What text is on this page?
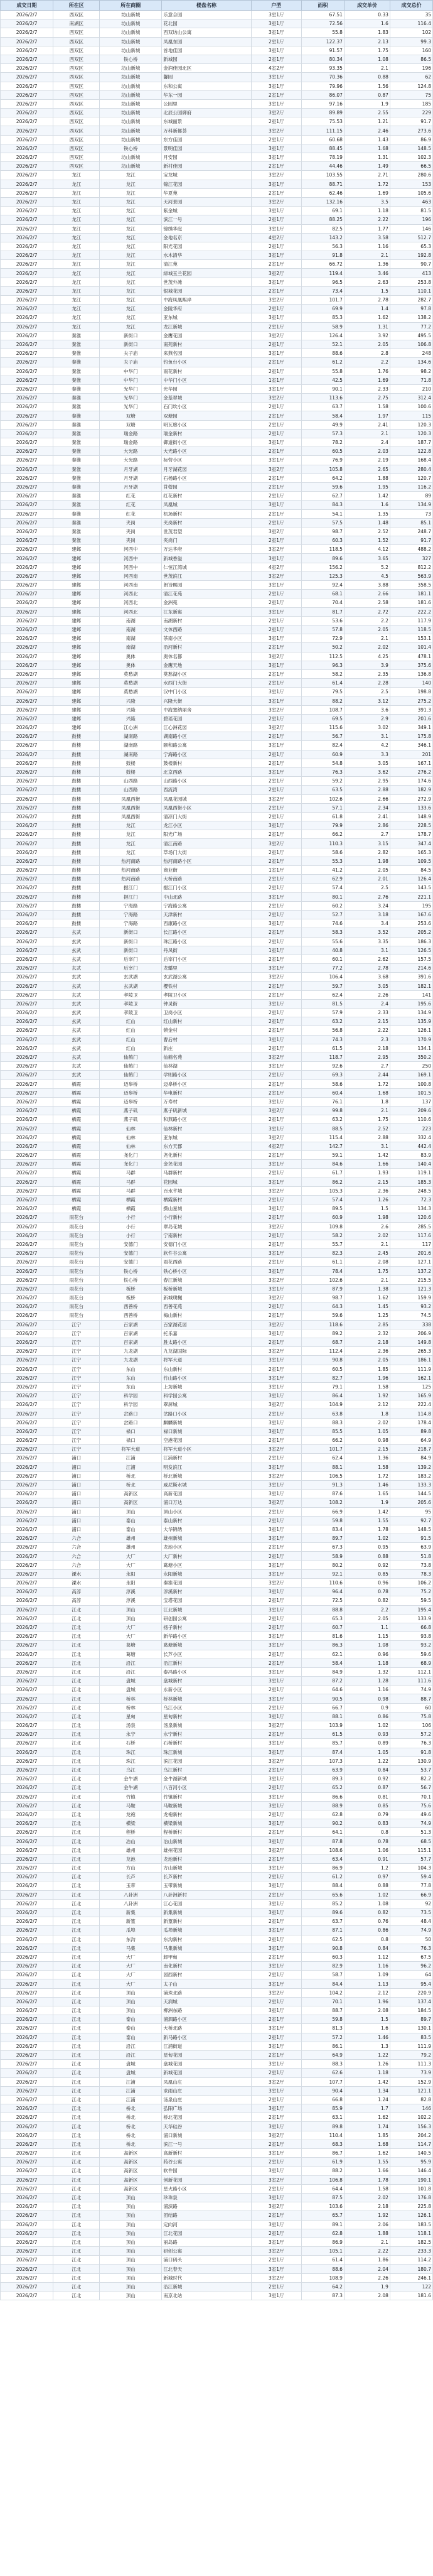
成交日期	所在区	所在商圈	楼盘名称	户型	面积	成交单价	成交总价
2026/2/7	西双区	坊山新城	乐意合园	3室1厅	67.51	0.33	35
2026/2/7	南湖区	坊山新城	花北园	3室1厅	72.56	1.6	116.4
2026/2/7	西双区	坊山新城	西双坊山公寓	3室1厅	55.8	1.83	102
2026/2/7	西双区	坊山新城	凤凰东园	2室1厅	122.37	2.13	99.3
2026/2/7	西双区	坊山新城	首地佳园	3室1厅	91.57	1.75	160
2026/2/7	西双区	铁心桥	新城园	2室1厅	80.34	1.08	86.5
2026/2/7	西双区	坊山新城	金润佳园北区	4室2厅	93.35	2.1	196
2026/2/7	西双区	坊山新城	馨园	3室1厅	70.36	0.88	62
2026/2/7	西双区	坊山新城	东和公寓	3室1厅	79.96	1.56	124.8
2026/2/7	西双区	坊山新城	华东一园	2室1厅	86.07	0.87	75
2026/2/7	西双区	坊山新城	公园里	3室1厅	97.16	1.9	185
2026/2/7	西双区	坊山新城	北辰公园御府	3室2厅	89.89	2.55	229
2026/2/7	西双区	坊山新城	东城丽景	2室1厅	75.53	1.21	91.7
2026/2/7	西双区	坊山新城	万科新都荟	3室2厅	111.15	2.46	273.6
2026/2/7	西双区	坊山新城	东方佳园	2室1厅	60.68	1.43	86.9
2026/2/7	西双区	铁心桥	景明佳园	3室1厅	88.45	1.68	148.5
2026/2/7	西双区	坊山新城	月安园	3室1厅	78.19	1.31	102.3
2026/2/7	西双区	坊山新城	新村佳园	2室1厅	44.46	1.49	66.5
2026/2/7	龙江	龙江	宝龙城	3室2厅	103.55	2.71	280.6
2026/2/7	龙江	龙江	锦江花园	3室1厅	88.71	1.72	153
2026/2/7	龙江	龙江	华夏苑	2室1厅	62.46	1.69	105.6
2026/2/7	龙江	龙江	天河景园	3室2厅	132.16	3.5	463
2026/2/7	龙江	龙江	紫金城	3室1厅	69.1	1.18	81.5
2026/2/7	龙江	龙江	滨江一号	2室1厅	88.25	2.22	196
2026/2/7	龙江	龙江	锦绣华庭	3室1厅	82.5	1.77	146
2026/2/7	龙江	龙江	金地名京	4室2厅	143.2	3.58	512.7
2026/2/7	龙江	龙江	阳光花园	2室1厅	56.3	1.16	65.3
2026/2/7	龙江	龙江	水木清华	3室1厅	91.8	2.1	192.8
2026/2/7	龙江	龙江	清江苑	2室1厅	66.72	1.36	90.7
2026/2/7	龙江	龙江	绿城玉兰花园	3室2厅	119.4	3.46	413
2026/2/7	龙江	龙江	世茂外滩	3室1厅	96.5	2.63	253.8
2026/2/7	龙江	龙江	银城花园	2室1厅	73.4	1.5	110.1
2026/2/7	龙江	龙江	中海凤凰熙岸	3室2厅	101.7	2.78	282.7
2026/2/7	龙江	龙江	金陵华府	2室1厅	69.9	1.4	97.8
2026/2/7	龙江	龙江	亚东城	3室1厅	85.3	1.62	138.2
2026/2/7	龙江	龙江	龙江新城	2室1厅	58.9	1.31	77.2
2026/2/7	秦淮	新街口	金鹰花园	3室2厅	126.4	3.92	495.5
2026/2/7	秦淮	新街口	南苑新村	2室1厅	52.1	2.05	106.8
2026/2/7	秦淮	夫子庙	来燕名园	3室1厅	88.6	2.8	248
2026/2/7	秦淮	夫子庙	钓鱼台小区	2室1厅	61.2	2.2	134.6
2026/2/7	秦淮	中华门	雨花新村	2室1厅	55.8	1.76	98.2
2026/2/7	秦淮	中华门	中华门小区	1室1厅	42.5	1.69	71.8
2026/2/7	秦淮	光华门	光华园	3室1厅	90.1	2.33	210
2026/2/7	秦淮	光华门	金基翠城	3室2厅	113.6	2.75	312.4
2026/2/7	秦淮	光华门	石门坎小区	2室1厅	63.7	1.58	100.6
2026/2/7	秦淮	双塘	双塘园	2室1厅	58.4	1.97	115
2026/2/7	秦淮	双塘	明瓦廊小区	2室1厅	49.9	2.41	120.3
2026/2/7	秦淮	瑞金路	瑞金新村	2室1厅	57.3	2.1	120.3
2026/2/7	秦淮	瑞金路	御道街小区	3室1厅	78.2	2.4	187.7
2026/2/7	秦淮	大光路	大光路小区	2室1厅	60.5	2.03	122.8
2026/2/7	秦淮	大光路	标营小区	3室1厅	76.9	2.19	168.4
2026/2/7	秦淮	月牙湖	月牙湖花园	3室2厅	105.8	2.65	280.4
2026/2/7	秦淮	月牙湖	石杨路小区	2室1厅	64.2	1.88	120.7
2026/2/7	秦淮	月牙湖	苜蓿园	2室1厅	59.6	1.95	116.2
2026/2/7	秦淮	红花	红花新村	2室1厅	62.7	1.42	89
2026/2/7	秦淮	红花	凤凰城	3室1厅	84.3	1.6	134.9
2026/2/7	秦淮	红花	机场新村	2室1厅	54.1	1.35	73
2026/2/7	秦淮	夹岗	夹岗新村	2室1厅	57.5	1.48	85.1
2026/2/7	秦淮	夹岗	世茂君望	3室2厅	98.7	2.52	248.7
2026/2/7	秦淮	夹岗	夹岗门	2室1厅	60.3	1.52	91.7
2026/2/7	建邺	河西中	万达华府	3室2厅	118.5	4.12	488.2
2026/2/7	建邺	河西中	新城香溢	3室1厅	89.6	3.65	327
2026/2/7	建邺	河西中	仁恒江湾城	4室2厅	156.2	5.2	812.2
2026/2/7	建邺	河西南	世茂滨江	3室2厅	125.3	4.5	563.9
2026/2/7	建邺	河西南	朗诗熙园	3室1厅	92.4	3.88	358.5
2026/2/7	建邺	河西北	清江花苑	2室1厅	68.1	2.66	181.1
2026/2/7	建邺	河西北	金洲苑	2室1厅	70.4	2.58	181.6
2026/2/7	建邺	河西北	江东新寓	3室1厅	81.7	2.72	222.2
2026/2/7	建邺	南湖	南湖新村	2室1厅	53.6	2.2	117.9
2026/2/7	建邺	南湖	文体西路	2室1厅	57.8	2.05	118.5
2026/2/7	建邺	南湖	茶南小区	3室1厅	72.9	2.1	153.1
2026/2/7	建邺	南湖	沿河新村	2室1厅	50.2	2.02	101.4
2026/2/7	建邺	奥体	奥体名都	3室2厅	112.5	4.25	478.1
2026/2/7	建邺	奥体	金鹰天地	3室1厅	96.3	3.9	375.6
2026/2/7	建邺	莫愁湖	莫愁湖小区	2室1厅	58.2	2.35	136.8
2026/2/7	建邺	莫愁湖	水西门大街	2室1厅	61.4	2.28	140
2026/2/7	建邺	莫愁湖	汉中门小区	3室1厅	79.5	2.5	198.8
2026/2/7	建邺	兴隆	兴隆大街	3室1厅	88.2	3.12	275.2
2026/2/7	建邺	兴隆	中海塞纳丽舍	3室2厅	108.7	3.6	391.3
2026/2/7	建邺	兴隆	碧瑶花园	2室1厅	69.5	2.9	201.6
2026/2/7	建邺	江心洲	江心洲花园	3室2厅	115.6	3.02	349.1
2026/2/7	鼓楼	湖南路	湖南路小区	2室1厅	56.7	3.1	175.8
2026/2/7	鼓楼	湖南路	颐和路公寓	3室1厅	82.4	4.2	346.1
2026/2/7	鼓楼	湖南路	宁海路小区	2室1厅	60.9	3.3	201
2026/2/7	鼓楼	鼓楼	鼓楼新村	2室1厅	54.8	3.05	167.1
2026/2/7	鼓楼	鼓楼	北京西路	3室1厅	76.3	3.62	276.2
2026/2/7	鼓楼	山西路	山西路小区	2室1厅	59.2	2.95	174.6
2026/2/7	鼓楼	山西路	西流湾	2室1厅	63.5	2.88	182.9
2026/2/7	鼓楼	凤凰西街	凤凰花园城	3室2厅	102.6	2.66	272.9
2026/2/7	鼓楼	凤凰西街	凤凰西街小区	2室1厅	57.1	2.34	133.6
2026/2/7	鼓楼	凤凰西街	清凉门大街	2室1厅	61.8	2.41	148.9
2026/2/7	鼓楼	龙江	龙江小区	3室1厅	79.9	2.86	228.5
2026/2/7	鼓楼	龙江	阳光广场	2室1厅	66.2	2.7	178.7
2026/2/7	鼓楼	龙江	清江南路	3室2厅	110.3	3.15	347.4
2026/2/7	鼓楼	龙江	草场门大街	2室1厅	58.6	2.82	165.3
2026/2/7	鼓楼	热河南路	热河南路小区	2室1厅	55.3	1.98	109.5
2026/2/7	鼓楼	热河南路	商业街	1室1厅	41.2	2.05	84.5
2026/2/7	鼓楼	热河南路	大桥南路	2室1厅	62.9	2.01	126.4
2026/2/7	鼓楼	挹江门	挹江门小区	2室1厅	57.4	2.5	143.5
2026/2/7	鼓楼	挹江门	中山北路	3室1厅	80.1	2.76	221.1
2026/2/7	鼓楼	宁海路	宁海路公寓	2室1厅	60.2	3.24	195
2026/2/7	鼓楼	宁海路	天津新村	2室1厅	52.7	3.18	167.6
2026/2/7	鼓楼	宁海路	西康路小区	3室1厅	74.6	3.4	253.6
2026/2/7	玄武	新街口	长江路小区	2室1厅	58.3	3.52	205.2
2026/2/7	玄武	新街口	珠江路小区	2室1厅	55.6	3.35	186.3
2026/2/7	玄武	新街口	丹凤街	1室1厅	40.8	3.1	126.5
2026/2/7	玄武	后宰门	后宰门小区	2室1厅	60.1	2.62	157.5
2026/2/7	玄武	后宰门	龙蟠里	3室1厅	77.2	2.78	214.6
2026/2/7	玄武	玄武湖	玄武湖公寓	3室2厅	106.4	3.68	391.6
2026/2/7	玄武	玄武湖	樱铁村	2室1厅	59.7	3.05	182.1
2026/2/7	玄武	孝陵卫	孝陵卫小区	2室1厅	62.4	2.26	141
2026/2/7	玄武	孝陵卫	钟灵街	3室1厅	81.5	2.4	195.6
2026/2/7	玄武	孝陵卫	卫岗小区	2室1厅	57.9	2.33	134.9
2026/2/7	玄武	红山	红山新村	2室1厅	63.2	2.15	135.9
2026/2/7	玄武	红山	锁金村	2室1厅	56.8	2.22	126.1
2026/2/7	玄武	红山	曹后村	3室1厅	74.3	2.3	170.9
2026/2/7	玄武	红山	新庄	2室1厅	61.5	2.18	134.1
2026/2/7	玄武	仙鹤门	仙鹤名苑	3室2厅	118.7	2.95	350.2
2026/2/7	玄武	仙鹤门	仙林湖	3室1厅	92.6	2.7	250
2026/2/7	玄武	仙鹤门	学则路小区	2室1厅	69.3	2.44	169.1
2026/2/7	栖霞	迈皋桥	迈皋桥小区	2室1厅	58.6	1.72	100.8
2026/2/7	栖霞	迈皋桥	华电新村	2室1厅	60.4	1.68	101.5
2026/2/7	栖霞	迈皋桥	万寿村	3室1厅	76.1	1.8	137
2026/2/7	栖霞	燕子矶	燕子矶新城	3室2厅	99.8	2.1	209.6
2026/2/7	栖霞	燕子矶	和燕路小区	2室1厅	63.2	1.75	110.6
2026/2/7	栖霞	仙林	仙林新村	3室1厅	88.5	2.52	223
2026/2/7	栖霞	仙林	亚东城	3室2厅	115.4	2.88	332.4
2026/2/7	栖霞	仙林	东方天郡	4室2厅	142.7	3.1	442.4
2026/2/7	栖霞	尧化门	尧化新村	2室1厅	59.1	1.42	83.9
2026/2/7	栖霞	尧化门	金尧花园	3室1厅	84.6	1.66	140.4
2026/2/7	栖霞	马群	马群新村	2室1厅	61.7	1.93	119.1
2026/2/7	栖霞	马群	花园城	3室1厅	86.2	2.15	185.3
2026/2/7	栖霞	马群	百水芊城	3室2厅	105.3	2.36	248.5
2026/2/7	栖霞	栖霞	栖霞新村	2室1厅	57.4	1.26	72.3
2026/2/7	栖霞	栖霞	摄山星城	3室1厅	89.5	1.5	134.3
2026/2/7	雨花台	小行	小行新村	2室1厅	60.9	1.98	120.6
2026/2/7	雨花台	小行	翠岛花城	3室2厅	109.8	2.6	285.5
2026/2/7	雨花台	小行	宁南新村	2室1厅	58.2	2.02	117.6
2026/2/7	雨花台	安德门	安德门小区	2室1厅	55.7	2.1	117
2026/2/7	雨花台	安德门	软件谷公寓	3室1厅	82.3	2.45	201.6
2026/2/7	雨花台	安德门	雨花西路	2室1厅	61.1	2.08	127.1
2026/2/7	雨花台	铁心桥	铁心桥小区	3室1厅	78.4	1.75	137.2
2026/2/7	雨花台	铁心桥	春江新城	3室2厅	102.6	2.1	215.5
2026/2/7	雨花台	板桥	板桥新城	3室1厅	87.9	1.38	121.3
2026/2/7	雨花台	板桥	新城璞樾	3室2厅	98.7	1.62	159.9
2026/2/7	雨花台	西善桥	西善花苑	2室1厅	64.3	1.45	93.2
2026/2/7	雨花台	西善桥	梅山新村	2室1厅	59.6	1.25	74.5
2026/2/7	江宁	百家湖	百家湖花园	3室2厅	118.6	2.85	338
2026/2/7	江宁	百家湖	托乐嘉	3室1厅	89.2	2.32	206.9
2026/2/7	江宁	百家湖	胜太路小区	2室1厅	68.7	2.18	149.8
2026/2/7	江宁	九龙湖	九龙湖国际	3室2厅	112.4	2.36	265.3
2026/2/7	江宁	九龙湖	将军大道	3室1厅	90.8	2.05	186.1
2026/2/7	江宁	东山	东山新村	2室1厅	60.5	1.85	111.9
2026/2/7	江宁	东山	竹山路小区	3室1厅	82.7	1.96	162.1
2026/2/7	江宁	东山	上坊新城	3室1厅	79.1	1.58	125
2026/2/7	江宁	科学园	科学园公寓	3室1厅	86.4	1.92	165.9
2026/2/7	江宁	科学园	翠屏城	3室2厅	104.9	2.12	222.4
2026/2/7	江宁	岔路口	岔路口小区	2室1厅	63.8	1.8	114.8
2026/2/7	江宁	岔路口	麒麟新城	3室1厅	88.3	2.02	178.4
2026/2/7	江宁	禄口	禄口新城	3室1厅	85.5	1.05	89.8
2026/2/7	江宁	禄口	空港花园	2室1厅	66.2	0.98	64.9
2026/2/7	江宁	将军大道	将军大道小区	3室2厅	101.7	2.15	218.7
2026/2/7	浦口	江浦	江浦新村	2室1厅	62.4	1.36	84.9
2026/2/7	浦口	江浦	明发滨江	3室1厅	88.1	1.58	139.2
2026/2/7	浦口	桥北	桥北新城	3室2厅	106.5	1.72	183.2
2026/2/7	浦口	桥北	威尼斯水城	3室1厅	91.3	1.46	133.3
2026/2/7	浦口	高新区	高新花园	3室1厅	87.6	1.65	144.5
2026/2/7	浦口	高新区	浦口万达	3室2厅	108.2	1.9	205.6
2026/2/7	浦口	顶山	顶山小区	2室1厅	66.9	1.42	95
2026/2/7	浦口	泰山	泰山新村	2室1厅	59.8	1.55	92.7
2026/2/7	浦口	泰山	大华锦绣	3室1厅	83.4	1.78	148.5
2026/2/7	六合	雄州	雄州新城	3室1厅	89.7	1.02	91.5
2026/2/7	六合	雄州	龙池小区	2室1厅	67.3	0.95	63.9
2026/2/7	六合	大厂	大厂新村	2室1厅	58.9	0.88	51.8
2026/2/7	六合	大厂	葛塘小区	3室1厅	80.2	0.92	73.8
2026/2/7	溧水	永阳	永阳新城	3室1厅	92.1	0.85	78.3
2026/2/7	溧水	永阳	秦淮花园	3室2厅	110.6	0.96	106.2
2026/2/7	高淳	淳溪	淳溪新村	3室1厅	96.4	0.78	75.2
2026/2/7	高淳	淳溪	宝塔花园	2室1厅	72.5	0.82	59.5
2026/2/7	江北	顶山	江北新城	3室1厅	88.8	2.2	195.4
2026/2/7	江北	顶山	研创园公寓	2室1厅	65.3	2.05	133.9
2026/2/7	江北	大厂	扬子新村	2室1厅	60.7	1.1	66.8
2026/2/7	江北	大厂	新华路小区	3室1厅	81.6	1.15	93.8
2026/2/7	江北	葛塘	葛塘新城	3室1厅	86.3	1.08	93.2
2026/2/7	江北	葛塘	长芦小区	2室1厅	62.1	0.96	59.6
2026/2/7	江北	沿江	沿江新村	2室1厅	58.4	1.18	68.9
2026/2/7	江北	沿江	泰冯路小区	3室1厅	84.9	1.32	112.1
2026/2/7	江北	盘城	盘城新村	3室1厅	87.2	1.28	111.6
2026/2/7	江北	盘城	永新小区	2室1厅	64.6	1.16	74.9
2026/2/7	江北	桥林	桥林新城	3室1厅	90.5	0.98	88.7
2026/2/7	江北	桥林	乌江小区	2室1厅	66.7	0.9	60
2026/2/7	江北	星甸	星甸新村	3室1厅	88.1	0.86	75.8
2026/2/7	江北	汤泉	汤泉新城	3室2厅	103.9	1.02	106
2026/2/7	江北	永宁	永宁新村	2室1厅	61.5	0.93	57.2
2026/2/7	江北	石桥	石桥新村	3室1厅	85.7	0.89	76.3
2026/2/7	江北	珠江	珠江新城	3室1厅	87.4	1.05	91.8
2026/2/7	江北	珠江	滨江花园	3室2厅	107.3	1.22	130.9
2026/2/7	江北	乌江	乌江新村	2室1厅	63.9	0.84	53.7
2026/2/7	江北	金牛湖	金牛湖新城	3室1厅	89.3	0.92	82.2
2026/2/7	江北	金牛湖	八百河小区	2室1厅	65.2	0.87	56.7
2026/2/7	江北	竹镇	竹镇新村	3室1厅	86.6	0.81	70.1
2026/2/7	江北	马鞍	马鞍新城	3室1厅	88.9	0.85	75.6
2026/2/7	江北	龙袍	龙袍新村	2室1厅	62.8	0.79	49.6
2026/2/7	江北	横梁	横梁新城	3室1厅	90.2	0.83	74.9
2026/2/7	江北	程桥	程桥新村	2室1厅	64.1	0.8	51.3
2026/2/7	江北	冶山	冶山新城	3室1厅	87.8	0.78	68.5
2026/2/7	江北	雄州	雄州花园	3室2厅	108.6	1.06	115.1
2026/2/7	江北	龙池	龙池新村	2室1厅	63.4	0.91	57.7
2026/2/7	江北	方山	方山新城	3室1厅	86.9	1.2	104.3
2026/2/7	江北	长芦	长芦新村	2室1厅	61.2	0.97	59.4
2026/2/7	江北	玉带	玉带新城	3室1厅	88.4	0.88	77.8
2026/2/7	江北	八卦洲	八卦洲新村	2室1厅	65.6	1.02	66.9
2026/2/7	江北	八卦洲	江心花园	3室1厅	85.2	1.08	92
2026/2/7	江北	新集	新集新城	3室1厅	89.6	0.82	73.5
2026/2/7	江北	新篁	新篁新村	2室1厅	63.7	0.76	48.4
2026/2/7	江北	瓜埠	瓜埠新城	3室1厅	87.1	0.86	74.9
2026/2/7	江北	东沟	东沟新村	2室1厅	62.5	0.8	50
2026/2/7	江北	马集	马集新城	3室1厅	90.8	0.84	76.3
2026/2/7	江北	大厂	卸甲甸	2室1厅	60.3	1.12	67.5
2026/2/7	江北	大厂	南化新村	3室1厅	82.9	1.16	96.2
2026/2/7	江北	大厂	园西新村	2室1厅	58.7	1.09	64
2026/2/7	江北	大厂	太子山	3室1厅	84.4	1.13	95.4
2026/2/7	江北	顶山	浦珠北路	3室2厅	104.2	2.12	220.9
2026/2/7	江北	顶山	天润城	2室1厅	70.1	1.96	137.4
2026/2/7	江北	顶山	柳洲东路	3室1厅	88.7	2.08	184.5
2026/2/7	江北	泰山	浦泗路小区	2室1厅	59.8	1.5	89.7
2026/2/7	江北	泰山	大桥北路	3室1厅	81.3	1.6	130.1
2026/2/7	江北	泰山	新马路小区	2室1厅	57.2	1.46	83.5
2026/2/7	江北	沿江	江浦街道	3室1厅	86.1	1.3	111.9
2026/2/7	江北	沿江	星甸花园	2室1厅	64.9	1.22	79.2
2026/2/7	江北	盘城	盘城花园	3室1厅	88.3	1.26	111.3
2026/2/7	江北	盘城	新城花园	2室1厅	62.6	1.18	73.9
2026/2/7	江北	江浦	凤凰山庄	3室2厅	107.7	1.42	152.9
2026/2/7	江北	江浦	求雨山庄	3室1厅	90.4	1.34	121.1
2026/2/7	江北	江浦	汤泉山庄	2室1厅	66.8	1.24	82.8
2026/2/7	江北	桥北	弘阳广场	3室1厅	85.9	1.7	146
2026/2/7	江北	桥北	桥北花园	2室1厅	63.1	1.62	102.2
2026/2/7	江北	桥北	天华硅谷	3室1厅	89.8	1.74	156.3
2026/2/7	江北	桥北	浦口新城	3室2厅	110.4	1.85	204.2
2026/2/7	江北	桥北	滨江一号	2室1厅	68.3	1.68	114.7
2026/2/7	江北	高新区	高新新村	3室1厅	86.7	1.62	140.5
2026/2/7	江北	高新区	药谷公寓	2室1厅	61.9	1.55	95.9
2026/2/7	江北	高新区	软件园	3室1厅	88.2	1.66	146.4
2026/2/7	江北	高新区	创新花园	3室2厅	106.8	1.78	190.1
2026/2/7	江北	高新区	星火路小区	2室1厅	64.4	1.58	101.8
2026/2/7	江北	顶山	珍珠泉	3室1厅	87.5	2.02	176.8
2026/2/7	江北	顶山	浦滨路	3室2厅	103.6	2.18	225.8
2026/2/7	江北	顶山	团结路	2室1厅	65.7	1.92	126.1
2026/2/7	江北	顶山	定向河	3室1厅	89.1	2.06	183.5
2026/2/7	江北	顶山	江北花园	2室1厅	62.8	1.88	118.1
2026/2/7	江北	顶山	丽岛路	3室1厅	86.9	2.1	182.5
2026/2/7	江北	顶山	研创公寓	3室2厅	105.1	2.22	233.3
2026/2/7	江北	顶山	浦口码头	2室1厅	61.4	1.86	114.2
2026/2/7	江北	顶山	江北春天	3室1厅	88.6	2.04	180.7
2026/2/7	江北	顶山	新城时代	3室2厅	108.9	2.26	246.1
2026/2/7	江北	顶山	沿江新城	2室1厅	64.2	1.9	122
2026/2/7	江北	顶山	南京北站	3室1厅	87.3	2.08	181.6
